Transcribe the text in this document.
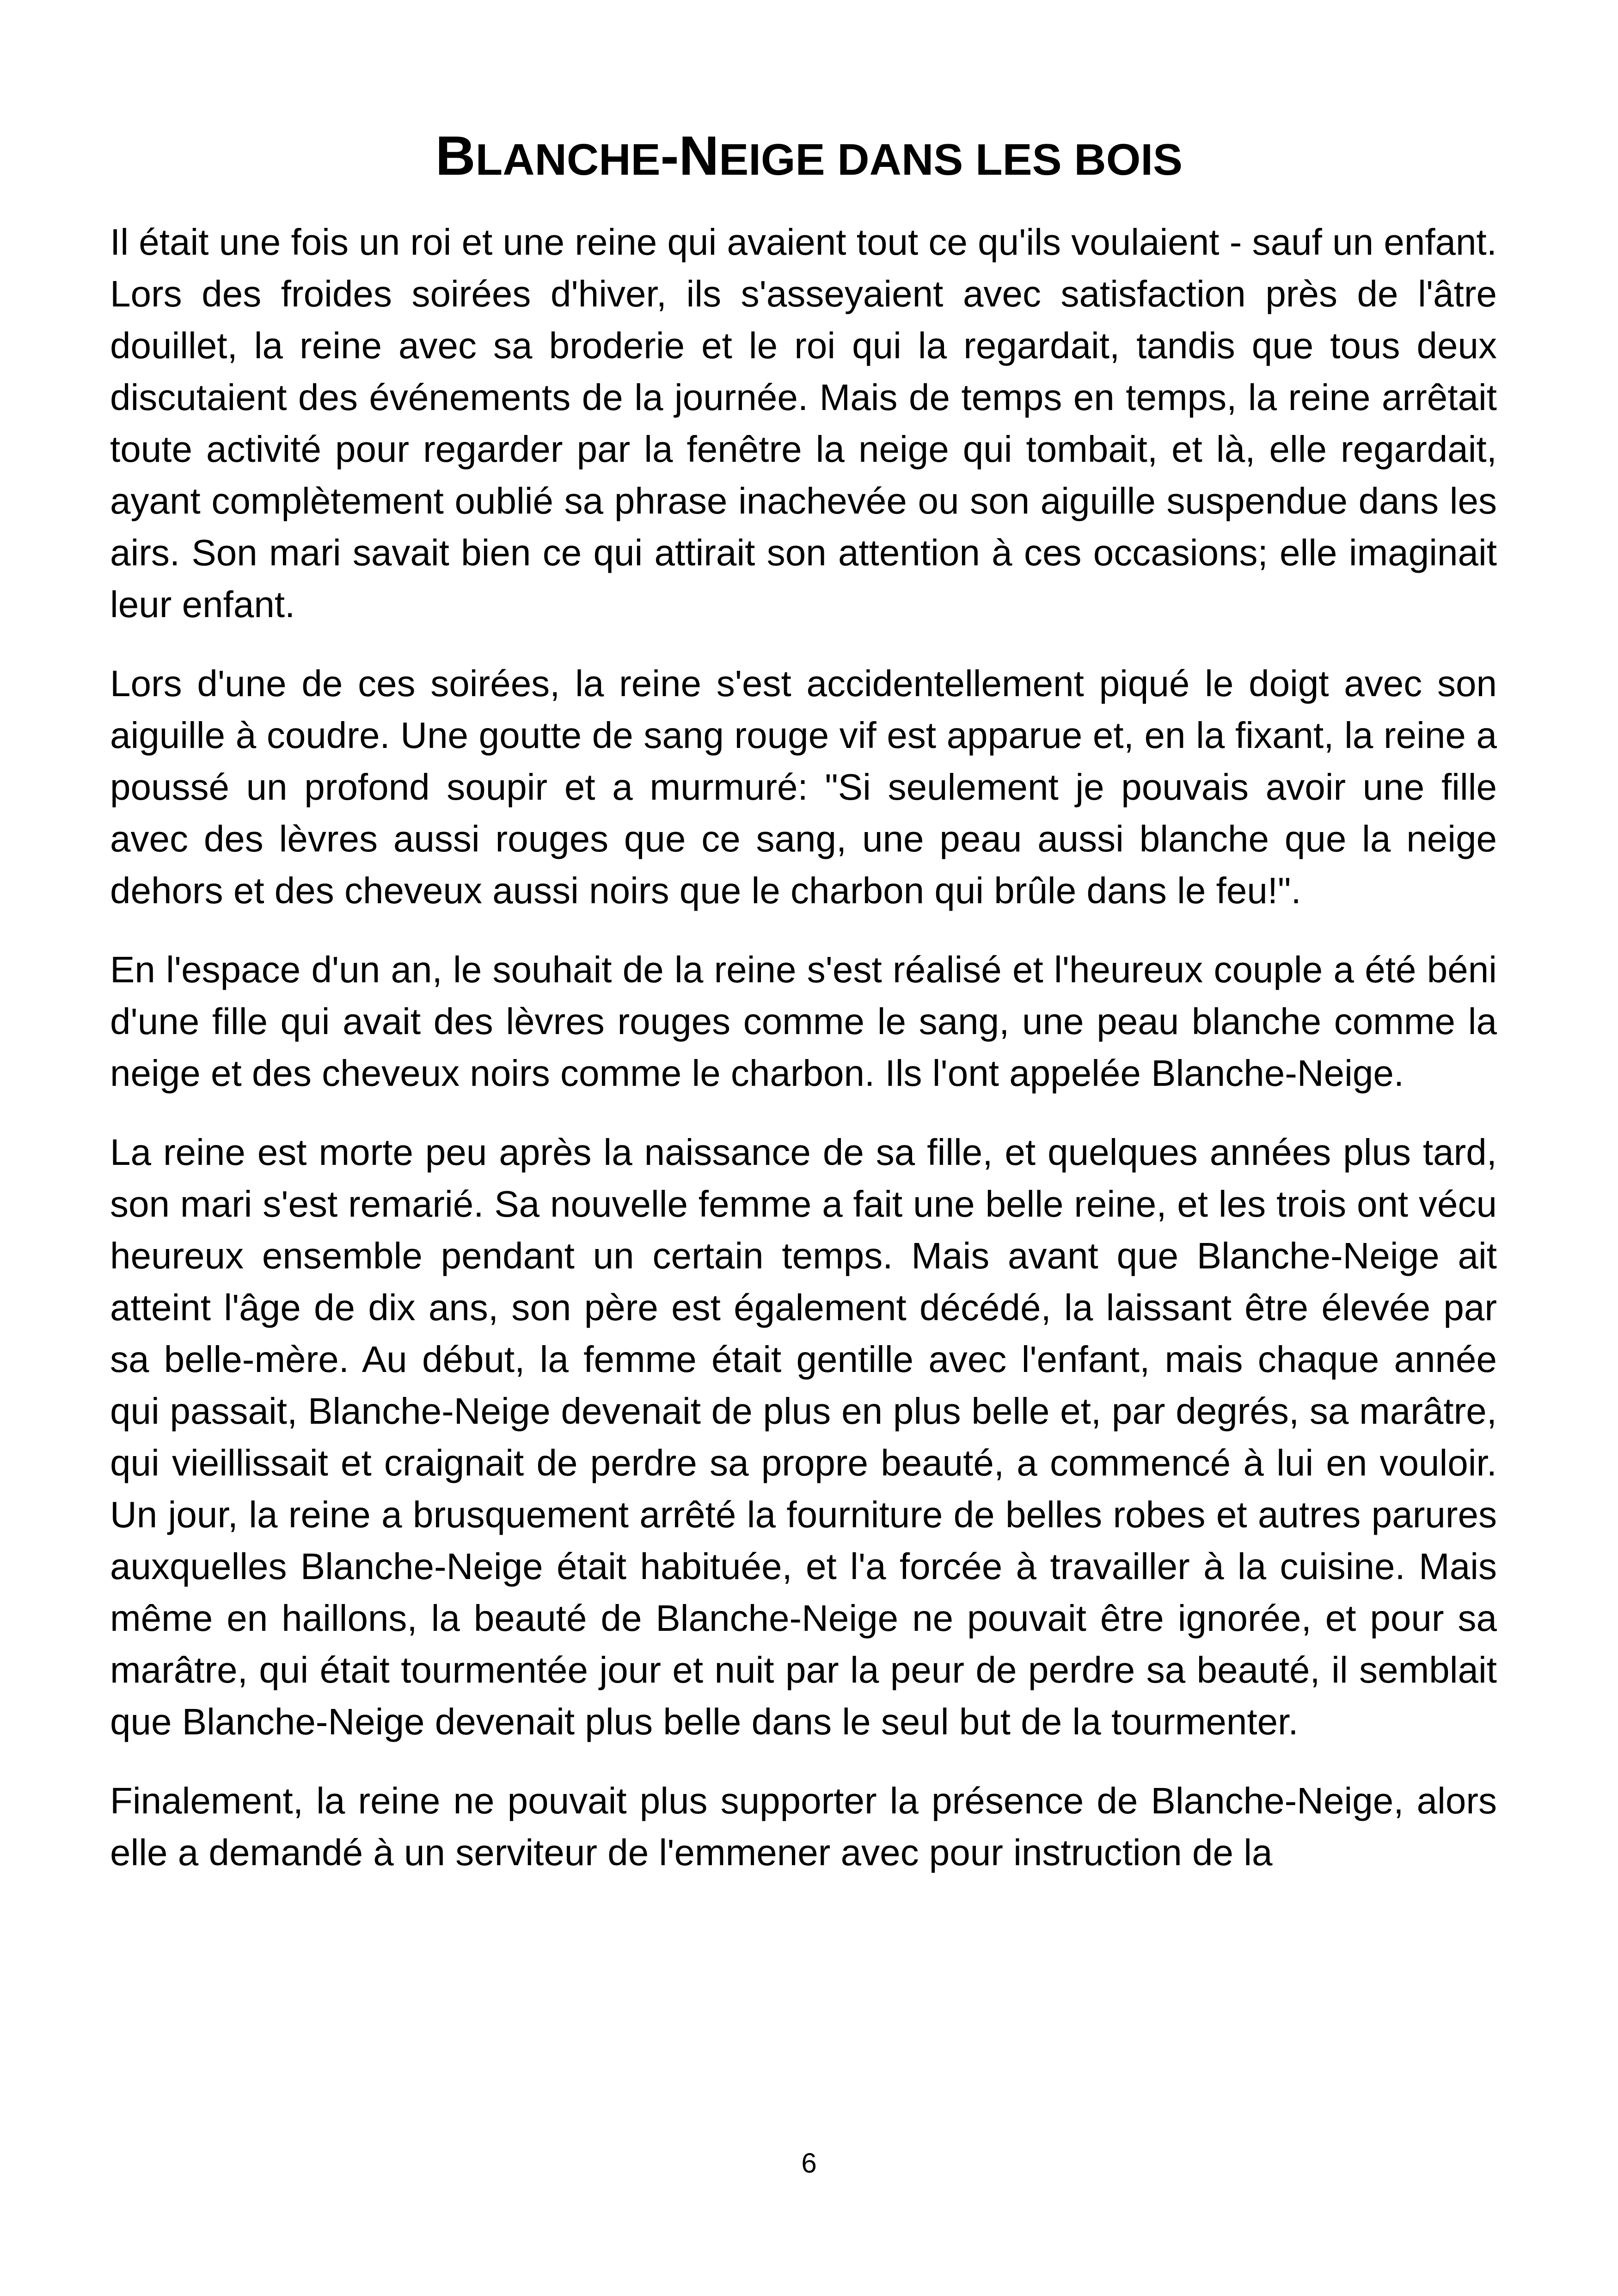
BLANCHE-NEIGE DANS LES BOIS

Il était une fois un roi et une reine qui avaient tout ce qu'ils voulaient - sauf un enfant. Lors des froides soirées d'hiver, ils s'asseyaient avec satisfaction près de l'âtre douillet, la reine avec sa broderie et le roi qui la regardait, tandis que tous deux discutaient des événements de la journée. Mais de temps en temps, la reine arrêtait toute activité pour regarder par la fenêtre la neige qui tombait, et là, elle regardait, ayant complètement oublié sa phrase inachevée ou son aiguille suspendue dans les airs. Son mari savait bien ce qui attirait son attention à ces occasions; elle imaginait leur enfant.

Lors d'une de ces soirées, la reine s'est accidentellement piqué le doigt avec son aiguille à coudre. Une goutte de sang rouge vif est apparue et, en la fixant, la reine a poussé un profond soupir et a murmuré: "Si seulement je pouvais avoir une fille avec des lèvres aussi rouges que ce sang, une peau aussi blanche que la neige dehors et des cheveux aussi noirs que le charbon qui brûle dans le feu!".

En l'espace d'un an, le souhait de la reine s'est réalisé et l'heureux couple a été béni d'une fille qui avait des lèvres rouges comme le sang, une peau blanche comme la neige et des cheveux noirs comme le charbon. Ils l'ont appelée Blanche-Neige.

La reine est morte peu après la naissance de sa fille, et quelques années plus tard, son mari s'est remarié. Sa nouvelle femme a fait une belle reine, et les trois ont vécu heureux ensemble pendant un certain temps. Mais avant que Blanche-Neige ait atteint l'âge de dix ans, son père est également décédé, la laissant être élevée par sa belle-mère. Au début, la femme était gentille avec l'enfant, mais chaque année qui passait, Blanche-Neige devenait de plus en plus belle et, par degrés, sa marâtre, qui vieillissait et craignait de perdre sa propre beauté, a commencé à lui en vouloir. Un jour, la reine a brusquement arrêté la fourniture de belles robes et autres parures auxquelles Blanche-Neige était habituée, et l'a forcée à travailler à la cuisine. Mais même en haillons, la beauté de Blanche-Neige ne pouvait être ignorée, et pour sa marâtre, qui était tourmentée jour et nuit par la peur de perdre sa beauté, il semblait que Blanche-Neige devenait plus belle dans le seul but de la tourmenter.

Finalement, la reine ne pouvait plus supporter la présence de Blanche-Neige, alors elle a demandé à un serviteur de l'emmener avec pour instruction de la

6
